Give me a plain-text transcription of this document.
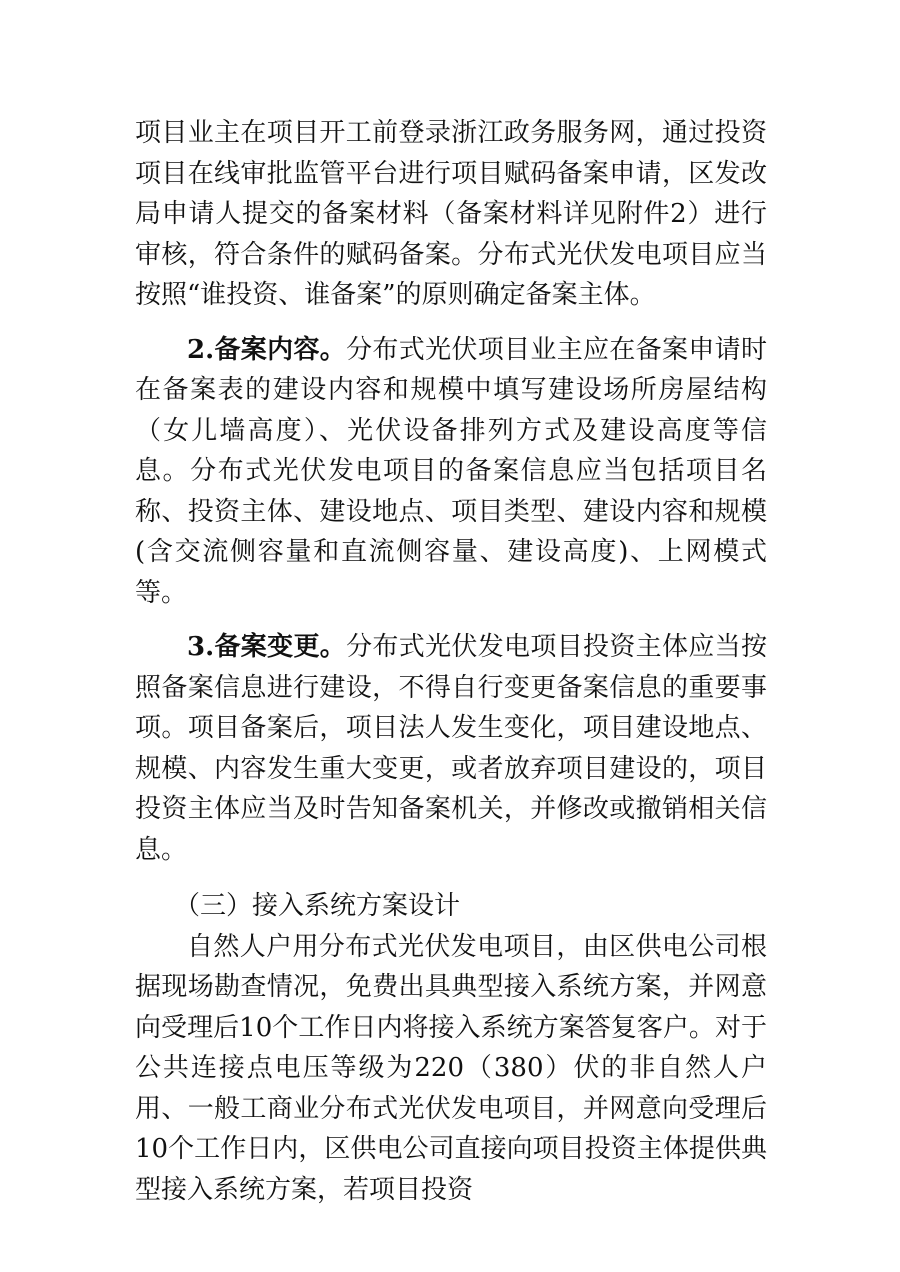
项目业主在项目开工前登录浙江政务服务网，通过投资项目在线审批监管平台进行项目赋码备案申请，区发改局申请人提交的备案材料（备案材料详见附件2）进行审核，符合条件的赋码备案。分布式光伏发电项目应当按照“谁投资、谁备案”的原则确定备案主体。

2.备案内容。分布式光伏项目业主应在备案申请时在备案表的建设内容和规模中填写建设场所房屋结构（女儿墙高度）、光伏设备排列方式及建设高度等信息。分布式光伏发电项目的备案信息应当包括项目名称、投资主体、建设地点、项目类型、建设内容和规模(含交流侧容量和直流侧容量、建设高度)、上网模式等。

3.备案变更。分布式光伏发电项目投资主体应当按照备案信息进行建设，不得自行变更备案信息的重要事项。项目备案后，项目法人发生变化，项目建设地点、规模、内容发生重大变更，或者放弃项目建设的，项目投资主体应当及时告知备案机关，并修改或撤销相关信息。

（三）接入系统方案设计

自然人户用分布式光伏发电项目，由区供电公司根据现场勘查情况，免费出具典型接入系统方案，并网意向受理后10个工作日内将接入系统方案答复客户。对于公共连接点电压等级为220（380）伏的非自然人户用、一般工商业分布式光伏发电项目，并网意向受理后10个工作日内，区供电公司直接向项目投资主体提供典型接入系统方案，若项目投资
